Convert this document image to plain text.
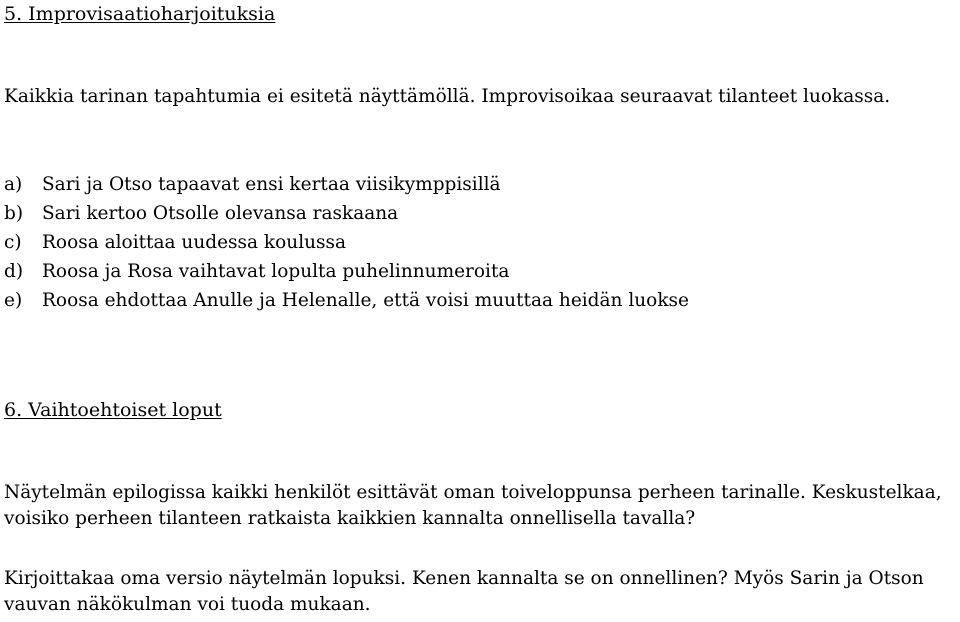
5. Improvisaatioharjoituksia

Kaikkia tarinan tapahtumia ei esitetä näyttämöllä. Improvisoikaa seuraavat tilanteet luokassa.

a)	Sari ja Otso tapaavat ensi kertaa viisikymppisillä
b)	Sari kertoo Otsolle olevansa raskaana
c)	Roosa aloittaa uudessa koulussa
d)	Roosa ja Rosa vaihtavat lopulta puhelinnumeroita
e)	Roosa ehdottaa Anulle ja Helenalle, että voisi muuttaa heidän luokse
6. Vaihtoehtoiset loput

Näytelmän epilogissa kaikki henkilöt esittävät oman toiveloppunsa perheen tarinalle. Keskustelkaa, voisiko perheen tilanteen ratkaista kaikkien kannalta onnellisella tavalla?

Kirjoittakaa oma versio näytelmän lopuksi. Kenen kannalta se on onnellinen? Myös Sarin ja Otson vauvan näkökulman voi tuoda mukaan.
